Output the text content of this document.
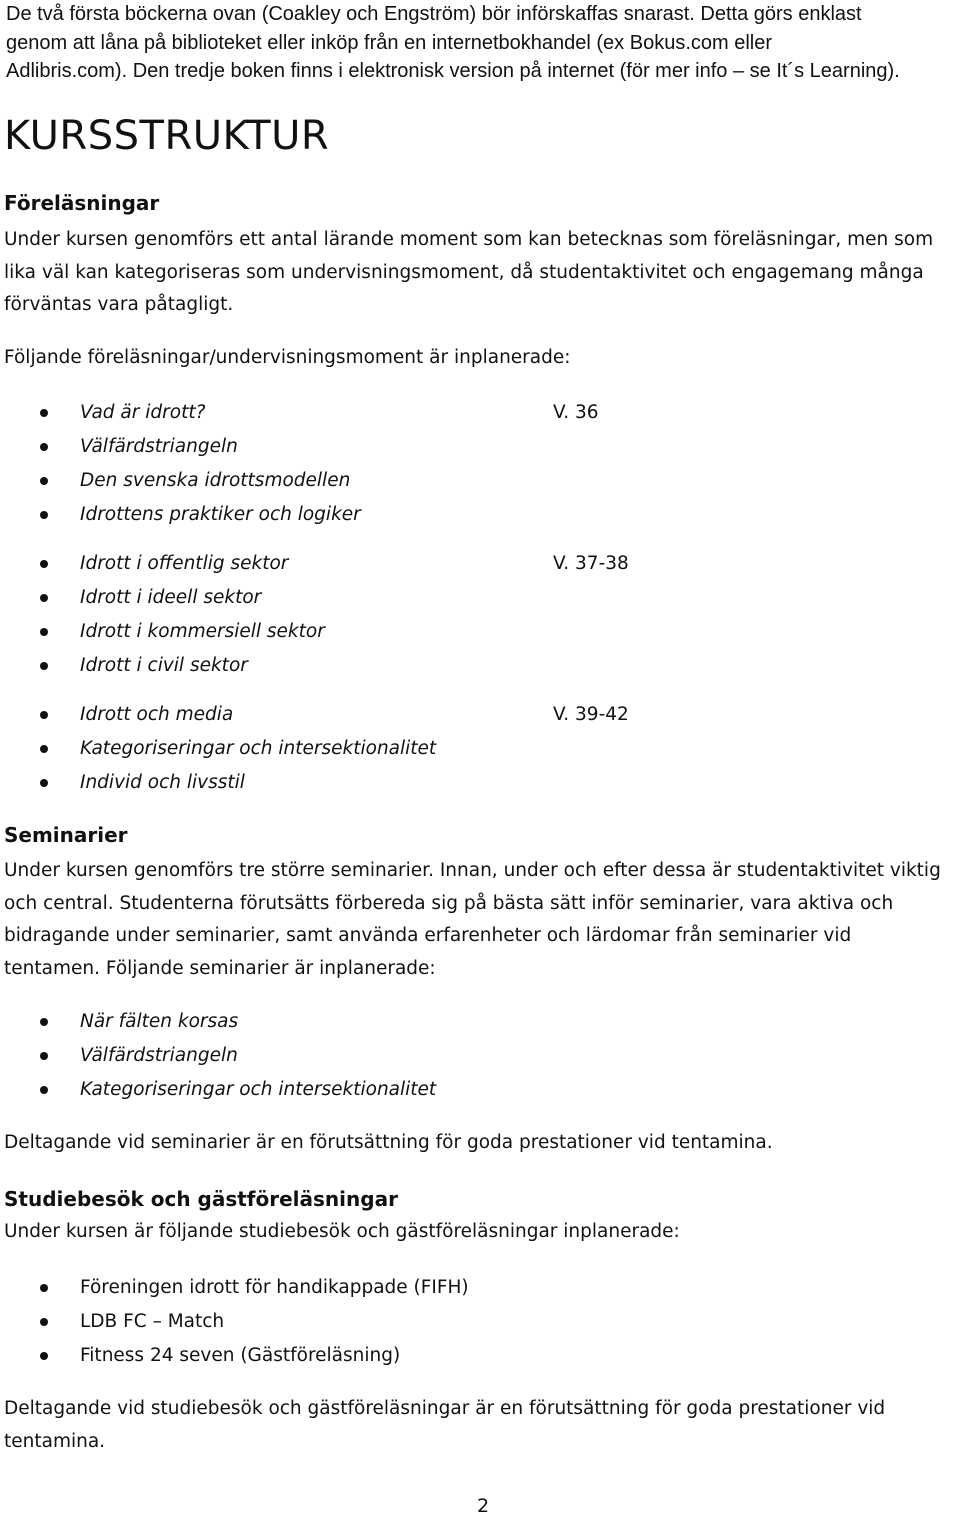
De två första böckerna ovan (Coakley och Engström) bör införskaffas snarast. Detta görs enklast

genom att låna på biblioteket eller inköp från en internetbokhandel (ex Bokus.com eller

Adlibris.com). Den tredje boken finns i elektronisk version på internet (för mer info – se It´s Learning).

KURSSTRUKTUR
Föreläsningar

Under kursen genomförs ett antal lärande moment som kan betecknas som föreläsningar, men som

lika väl kan kategoriseras som undervisningsmoment, då studentaktivitet och engagemang många

förväntas vara påtagligt.

Följande föreläsningar/undervisningsmoment är inplanerade:

Vad är idrott?	V. 36
Välfärdstriangeln
Den svenska idrottsmodellen
Idrottens praktiker och logiker
Idrott i offentlig sektor	V. 37-38
Idrott i ideell sektor
Idrott i kommersiell sektor
Idrott i civil sektor
Idrott och media	V. 39-42
Kategoriseringar och intersektionalitet
Individ och livsstil
Seminarier

Under kursen genomförs tre större seminarier. Innan, under och efter dessa är studentaktivitet viktig

och central. Studenterna förutsätts förbereda sig på bästa sätt inför seminarier, vara aktiva och

bidragande under seminarier, samt använda erfarenheter och lärdomar från seminarier vid

tentamen. Följande seminarier är inplanerade:

När fälten korsas
Välfärdstriangeln
Kategoriseringar och intersektionalitet

Deltagande vid seminarier är en förutsättning för goda prestationer vid tentamina.

Studiebesök och gästföreläsningar

Under kursen är följande studiebesök och gästföreläsningar inplanerade:

Föreningen idrott för handikappade (FIFH)
LDB FC – Match
Fitness 24 seven (Gästföreläsning)

Deltagande vid studiebesök och gästföreläsningar är en förutsättning för goda prestationer vid

tentamina.

2
